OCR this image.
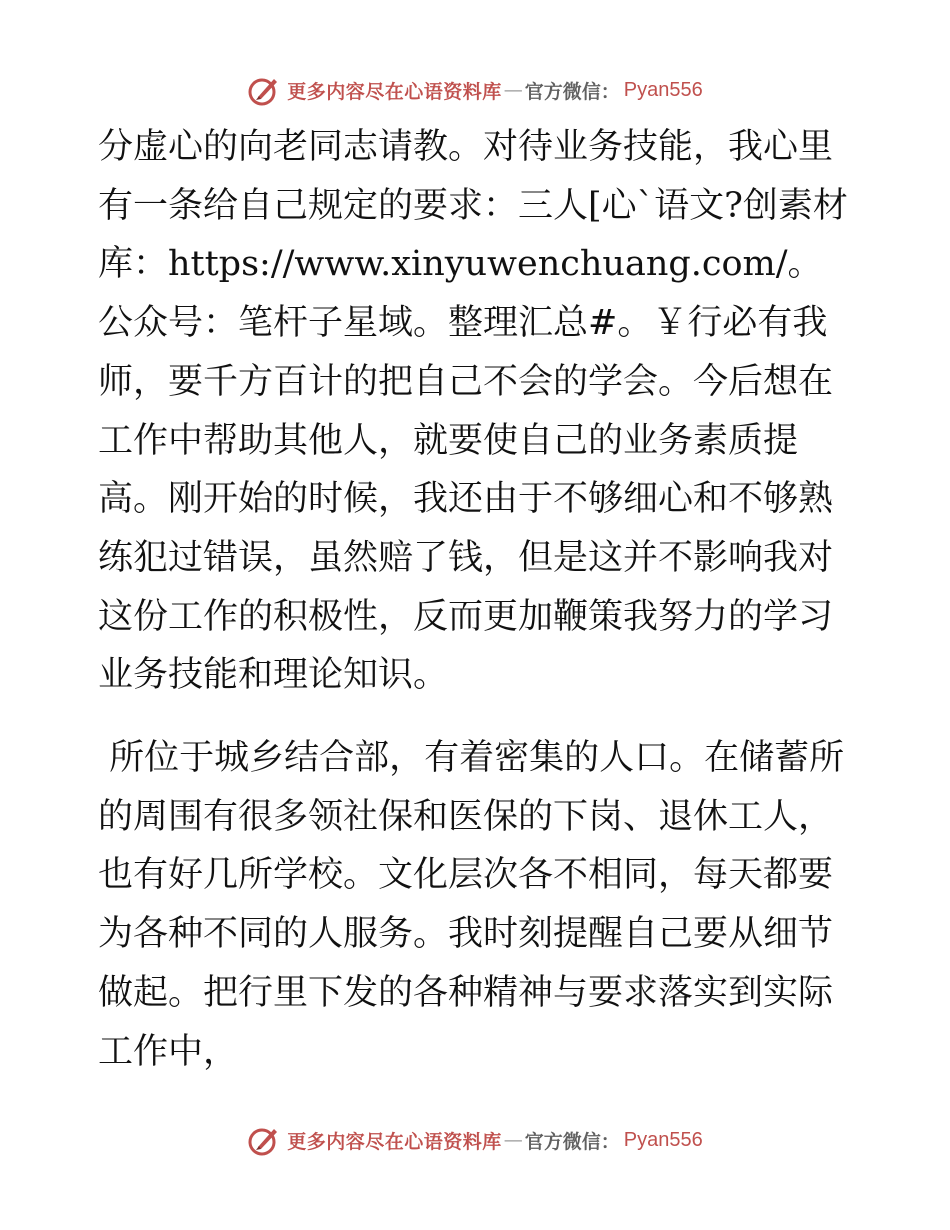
更多内容尽在心语资料库 — 官方微信： Pyan556

分虚心的向老同志请教。对待业务技能，我心里有一条给自己规定的要求：三人[心`语文?创素材库：https://www.xinyuwenchuang.com/。公众号：笔杆子星域。整理汇总#。￥行必有我师，要千方百计的把自己不会的学会。今后想在工作中帮助其他人，就要使自己的业务素质提高。刚开始的时候，我还由于不够细心和不够熟练犯过错误，虽然赔了钱，但是这并不影响我对这份工作的积极性，反而更加鞭策我努力的学习业务技能和理论知识。

所位于城乡结合部，有着密集的人口。在储蓄所的周围有很多领社保和医保的下岗、退休工人，也有好几所学校。文化层次各不相同，每天都要为各种不同的人服务。我时刻提醒自己要从细节做起。把行里下发的各种精神与要求落实到实际工作中，

更多内容尽在心语资料库 — 官方微信： Pyan556
